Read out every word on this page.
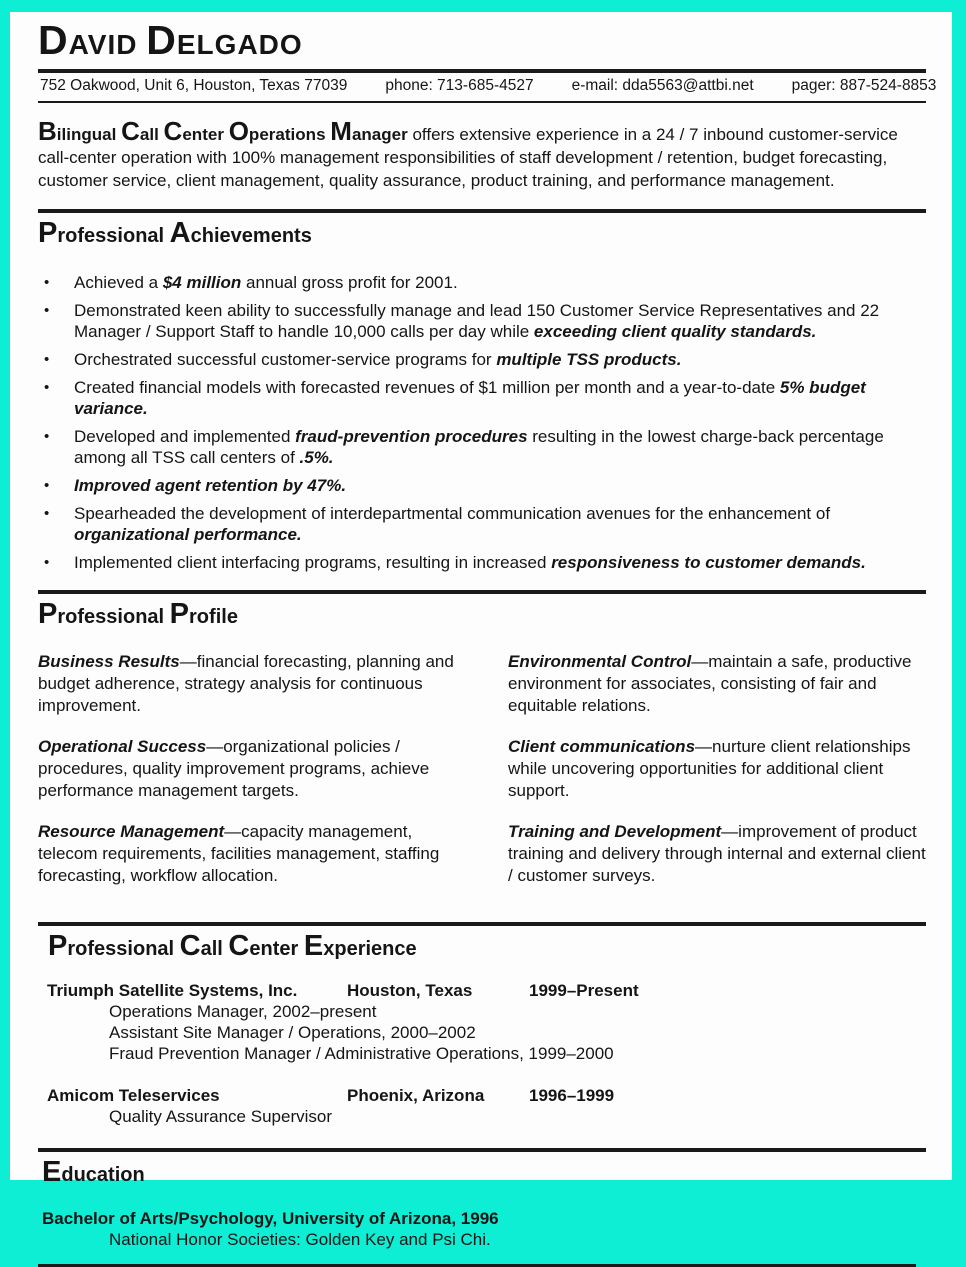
DAVID DELGADO
752 Oakwood, Unit 6, Houston, Texas 77039 phone: 713-685-4527 e-mail: dda5563@attbi.net pager: 887-524-8853

Bilingual Call Center Operations Manager offers extensive experience in a 24 / 7 inbound customer-service call-center operation with 100% management responsibilities of staff development / retention, budget forecasting, customer service, client management, quality assurance, product training, and performance management.

Professional Achievements
•	Achieved a $4 million annual gross profit for 2001.
•	Demonstrated keen ability to successfully manage and lead 150 Customer Service Representatives and 22 Manager / Support Staff to handle 10,000 calls per day while exceeding client quality standards.
•	Orchestrated successful customer-service programs for multiple TSS products.
•	Created financial models with forecasted revenues of $1 million per month and a year-to-date 5% budget variance.
•	Developed and implemented fraud-prevention procedures resulting in the lowest charge-back percentage among all TSS call centers of .5%.
•	Improved agent retention by 47%.
•	Spearheaded the development of interdepartmental communication avenues for the enhancement of organizational performance.
•	Implemented client interfacing programs, resulting in increased responsiveness to customer demands.
Professional Profile
Business Results—financial forecasting, planning and budget adherence, strategy analysis for continuous improvement.
Operational Success—organizational policies / procedures, quality improvement programs, achieve performance management targets.
Resource Management—capacity management, telecom requirements, facilities management, staffing forecasting, workflow allocation.
Environmental Control—maintain a safe, productive environment for associates, consisting of fair and equitable relations.
Client communications—nurture client relationships while uncovering opportunities for additional client support.
Training and Development—improvement of product training and delivery through internal and external client / customer surveys.
Professional Call Center Experience
Triumph Satellite Systems, Inc.	Houston, Texas	1999–Present
Operations Manager, 2002–present
Assistant Site Manager / Operations, 2000–2002
Fraud Prevention Manager / Administrative Operations, 1999–2000
Amicom Teleservices	Phoenix, Arizona	1996–1999
Quality Assurance Supervisor
Education
Bachelor of Arts/Psychology, University of Arizona, 1996
National Honor Societies: Golden Key and Psi Chi.
